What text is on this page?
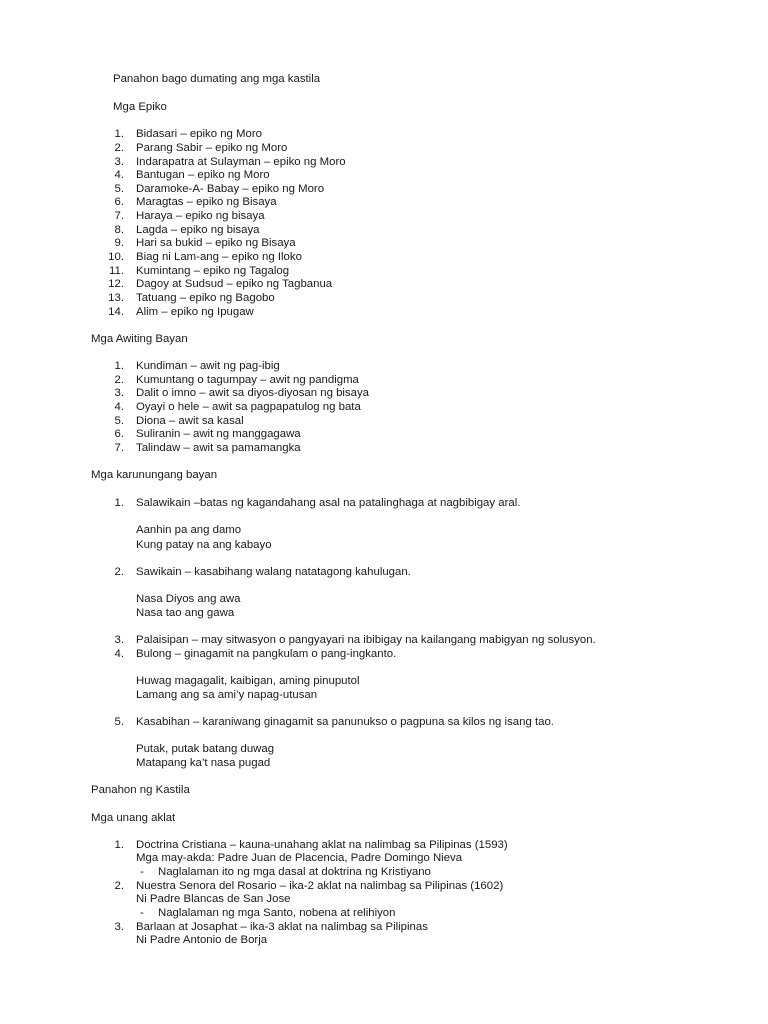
Panahon bago dumating ang mga kastila
Mga Epiko
1. Bidasari – epiko ng Moro
2. Parang Sabir – epiko ng Moro
3. Indarapatra at Sulayman – epiko ng Moro
4. Bantugan – epiko ng Moro
5. Daramoke-A- Babay – epiko ng Moro
6. Maragtas – epiko ng Bisaya
7. Haraya – epiko ng bisaya
8. Lagda – epiko ng bisaya
9. Hari sa bukid – epiko ng Bisaya
10. Biag ni Lam-ang – epiko ng Iloko
11. Kumintang – epiko ng Tagalog
12. Dagoy at Sudsud – epiko ng Tagbanua
13. Tatuang – epiko ng Bagobo
14. Alim – epiko ng Ipugaw
Mga Awiting Bayan
1. Kundiman – awit ng pag-ibig
2. Kumuntang o tagumpay – awit ng pandigma
3. Dalit o imno – awit sa diyos-diyosan ng bisaya
4. Oyayi o hele – awit sa pagpapatulog ng bata
5. Diona – awit sa kasal
6. Suliranin – awit ng manggagawa
7. Talindaw – awit sa pamamangka
Mga karunungang bayan
1. Salawikain –batas ng kagandahang asal na patalinghaga at nagbibigay aral.
Aanhin pa ang damo
Kung patay na ang kabayo
2. Sawikain – kasabihang walang natatagong kahulugan.
Nasa Diyos ang awa
Nasa tao ang gawa
3. Palaisipan – may sitwasyon o pangyayari na ibibigay na kailangang mabigyan ng solusyon.
4. Bulong – ginagamit na pangkulam o pang-ingkanto.
Huwag magagalit, kaibigan, aming pinuputol
Lamang ang sa ami’y napag-utusan
5. Kasabihan – karaniwang ginagamit sa panunukso o pagpuna sa kilos ng isang tao.
Putak, putak batang duwag
Matapang ka’t nasa pugad
Panahon ng Kastila
Mga unang aklat
1. Doctrina Cristiana – kauna-unahang aklat na nalimbag sa Pilipinas (1593)
Mga may-akda: Padre Juan de Placencia, Padre Domingo Nieva
- Naglalaman ito ng mga dasal at doktrina ng Kristiyano
2. Nuestra Senora del Rosario – ika-2 aklat na nalimbag sa Pilipinas (1602)
Ni Padre Blancas de San Jose
- Naglalaman ng mga Santo, nobena at relihiyon
3. Barlaan at Josaphat – ika-3 aklat na nalimbag sa Pilipinas
Ni Padre Antonio de Borja
